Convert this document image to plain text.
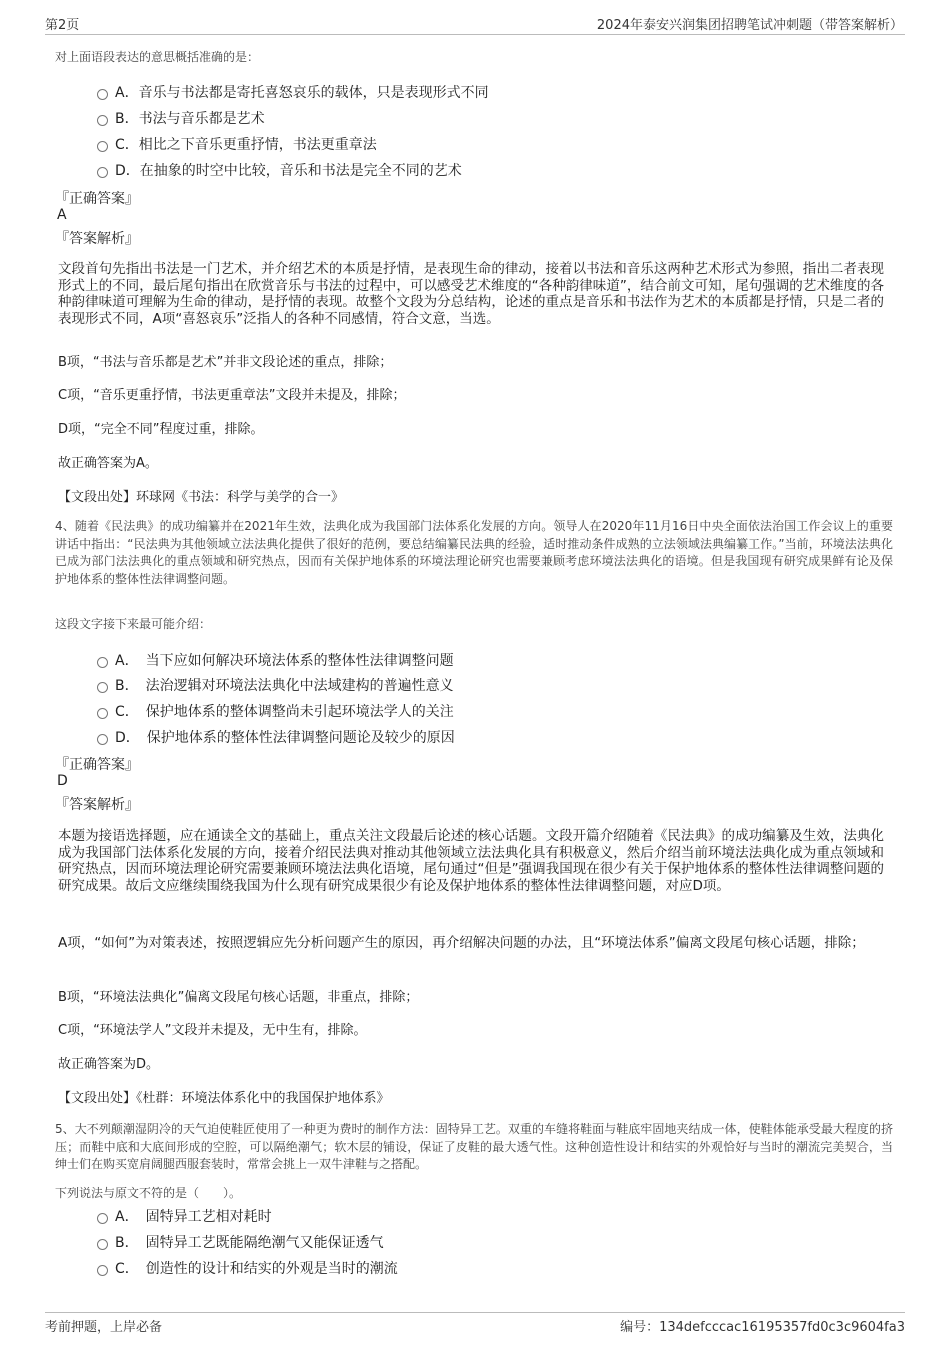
第2页	2024年泰安兴润集团招聘笔试冲刺题（带答案解析）
对上面语段表达的意思概括准确的是：
A．音乐与书法都是寄托喜怒哀乐的载体，只是表现形式不同
B．书法与音乐都是艺术
C．相比之下音乐更重抒情，书法更重章法
D．在抽象的时空中比较，音乐和书法是完全不同的艺术
『正确答案』
A
『答案解析』
文段首句先指出书法是一门艺术，并介绍艺术的本质是抒情，是表现生命的律动，接着以书法和音乐这两种艺术形式为参照，指出二者表现形式上的不同，最后尾句指出在欣赏音乐与书法的过程中，可以感受艺术维度的“各种韵律味道”，结合前文可知，尾句强调的艺术维度的各种韵律味道可理解为生命的律动，是抒情的表现。故整个文段为分总结构，论述的重点是音乐和书法作为艺术的本质都是抒情，只是二者的表现形式不同，A项“喜怒哀乐”泛指人的各种不同感情，符合文意，当选。
B项，“书法与音乐都是艺术”并非文段论述的重点，排除；
C项，“音乐更重抒情，书法更重章法”文段并未提及，排除；
D项，“完全不同”程度过重，排除。
故正确答案为A。
【文段出处】环球网《书法：科学与美学的合一》
4、随着《民法典》的成功编纂并在2021年生效，法典化成为我国部门法体系化发展的方向。领导人在2020年11月16日中央全面依法治国工作会议上的重要讲话中指出：“民法典为其他领域立法法典化提供了很好的范例，要总结编纂民法典的经验，适时推动条件成熟的立法领域法典编纂工作。”当前，环境法法典化已成为部门法法典化的重点领域和研究热点，因而有关保护地体系的环境法理论研究也需要兼顾考虑环境法法典化的语境。但是我国现有研究成果鲜有论及保护地体系的整体性法律调整问题。
这段文字接下来最可能介绍：
A．　当下应如何解决环境法体系的整体性法律调整问题
B．　法治逻辑对环境法法典化中法域建构的普遍性意义
C．　保护地体系的整体调整尚未引起环境法学人的关注
D．　保护地体系的整体性法律调整问题论及较少的原因
『正确答案』
D
『答案解析』
本题为接语选择题，应在通读全文的基础上，重点关注文段最后论述的核心话题。文段开篇介绍随着《民法典》的成功编纂及生效，法典化成为我国部门法体系化发展的方向，接着介绍民法典对推动其他领域立法法典化具有积极意义，然后介绍当前环境法法典化成为重点领域和研究热点，因而环境法理论研究需要兼顾环境法法典化语境，尾句通过“但是”强调我国现在很少有关于保护地体系的整体性法律调整问题的研究成果。故后文应继续围绕我国为什么现有研究成果很少有论及保护地体系的整体性法律调整问题，对应D项。
A项，“如何”为对策表述，按照逻辑应先分析问题产生的原因，再介绍解决问题的办法，且“环境法体系”偏离文段尾句核心话题，排除；
B项，“环境法法典化”偏离文段尾句核心话题，非重点，排除；
C项，“环境法学人”文段并未提及，无中生有，排除。
故正确答案为D。
【文段出处】《杜群：环境法体系化中的我国保护地体系》
5、大不列颠潮湿阴冷的天气迫使鞋匠使用了一种更为费时的制作方法：固特异工艺。双重的车缝将鞋面与鞋底牢固地夹结成一体，使鞋体能承受最大程度的挤压；而鞋中底和大底间形成的空腔，可以隔绝潮气；软木层的铺设，保证了皮鞋的最大透气性。这种创造性设计和结实的外观恰好与当时的潮流完美契合，当绅士们在购买宽肩阔腿西服套装时，常常会挑上一双牛津鞋与之搭配。
下列说法与原文不符的是（　　）。
A．　固特异工艺相对耗时
B．　固特异工艺既能隔绝潮气又能保证透气
C．　创造性的设计和结实的外观是当时的潮流
考前押题，上岸必备	编号：134defcccac16195357fd0c3c9604fa3
